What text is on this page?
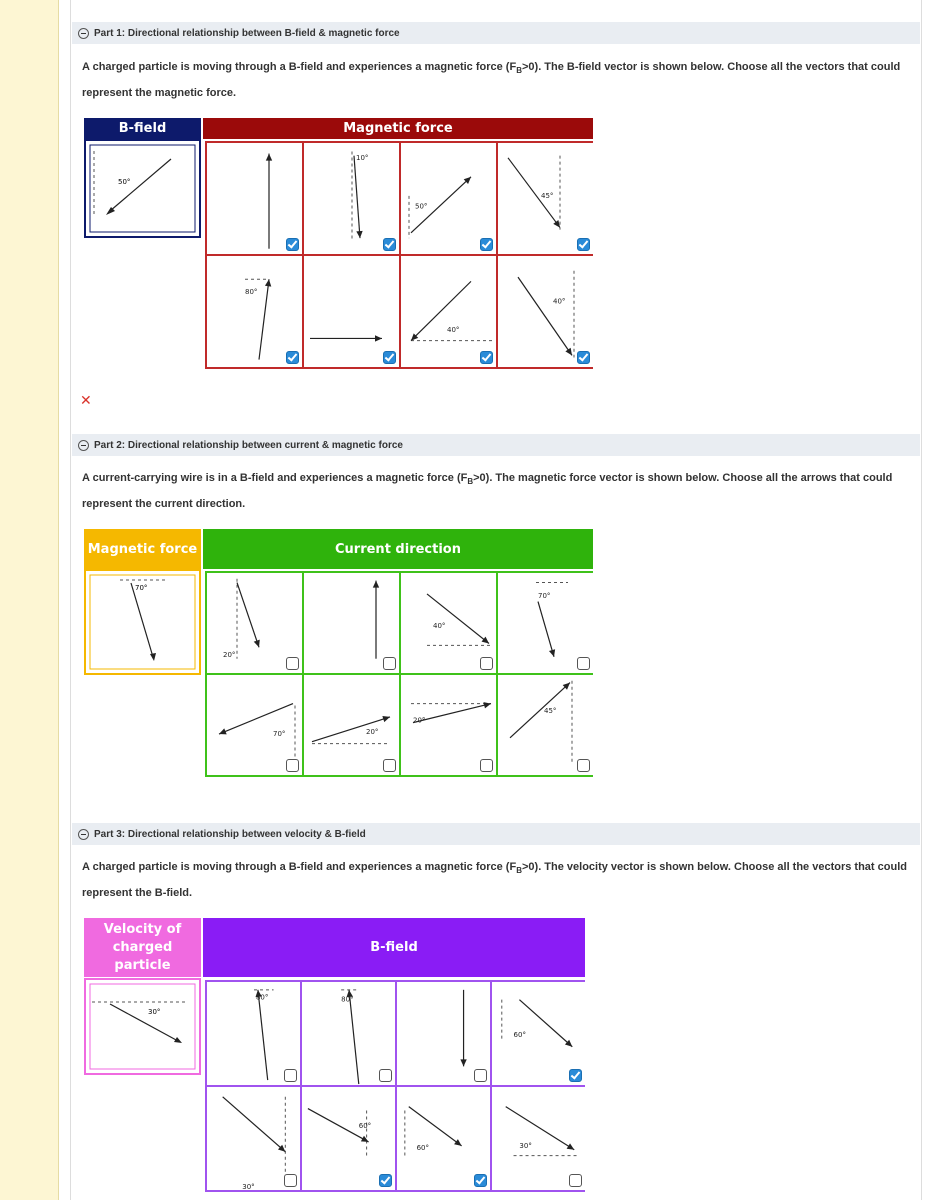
Part 1: Directional relationship between B-field & magnetic force
A charged particle is moving through a B-field and experiences a magnetic force $(F_B>0)$. The B-field vector is shown below. Choose all the vectors that could represent the magnetic force.
B-field	Magnetic force
50°
10°
50°
45°
80°
40°
40°
✕
Part 2: Directional relationship between current & magnetic force
A current-carrying wire is in a B-field and experiences a magnetic force $(F_B>0)$. The magnetic force vector is shown below. Choose all the arrows that could represent the current direction.
Magnetic force	Current direction
70°
20°
40°
70°
70°	20°
20°
45°
Part 3: Directional relationship between velocity & B-field
A charged particle is moving through a B-field and experiences a magnetic force $(F_B>0)$. The velocity vector is shown below. Choose all the vectors that could represent the B-field.
Velocity of charged particle
B-field
30°
80°	80°
60°
30°
60°
60°	30°
